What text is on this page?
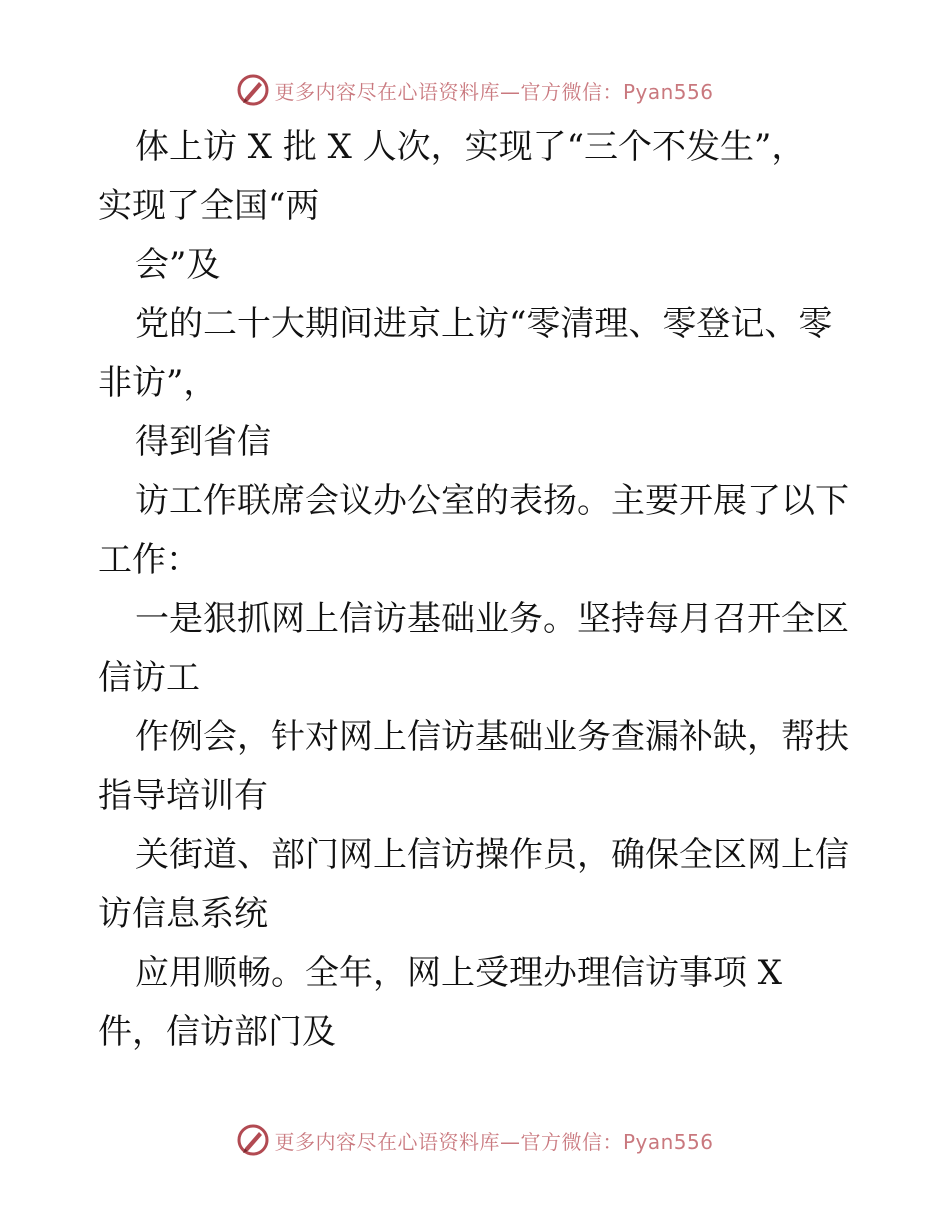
更多内容尽在心语资料库—官方微信：Pyan556
体上访 X 批 X 人次，实现了“三个不发生”，
实现了全国“两
会”及
党的二十大期间进京上访“零清理、零登记、零
非访”，
得到省信
访工作联席会议办公室的表扬。主要开展了以下
工作：
一是狠抓网上信访基础业务。坚持每月召开全区
信访工
作例会，针对网上信访基础业务查漏补缺，帮扶
指导培训有
关街道、部门网上信访操作员，确保全区网上信
访信息系统
应用顺畅。全年，网上受理办理信访事项 X
件，信访部门及
更多内容尽在心语资料库—官方微信：Pyan556
